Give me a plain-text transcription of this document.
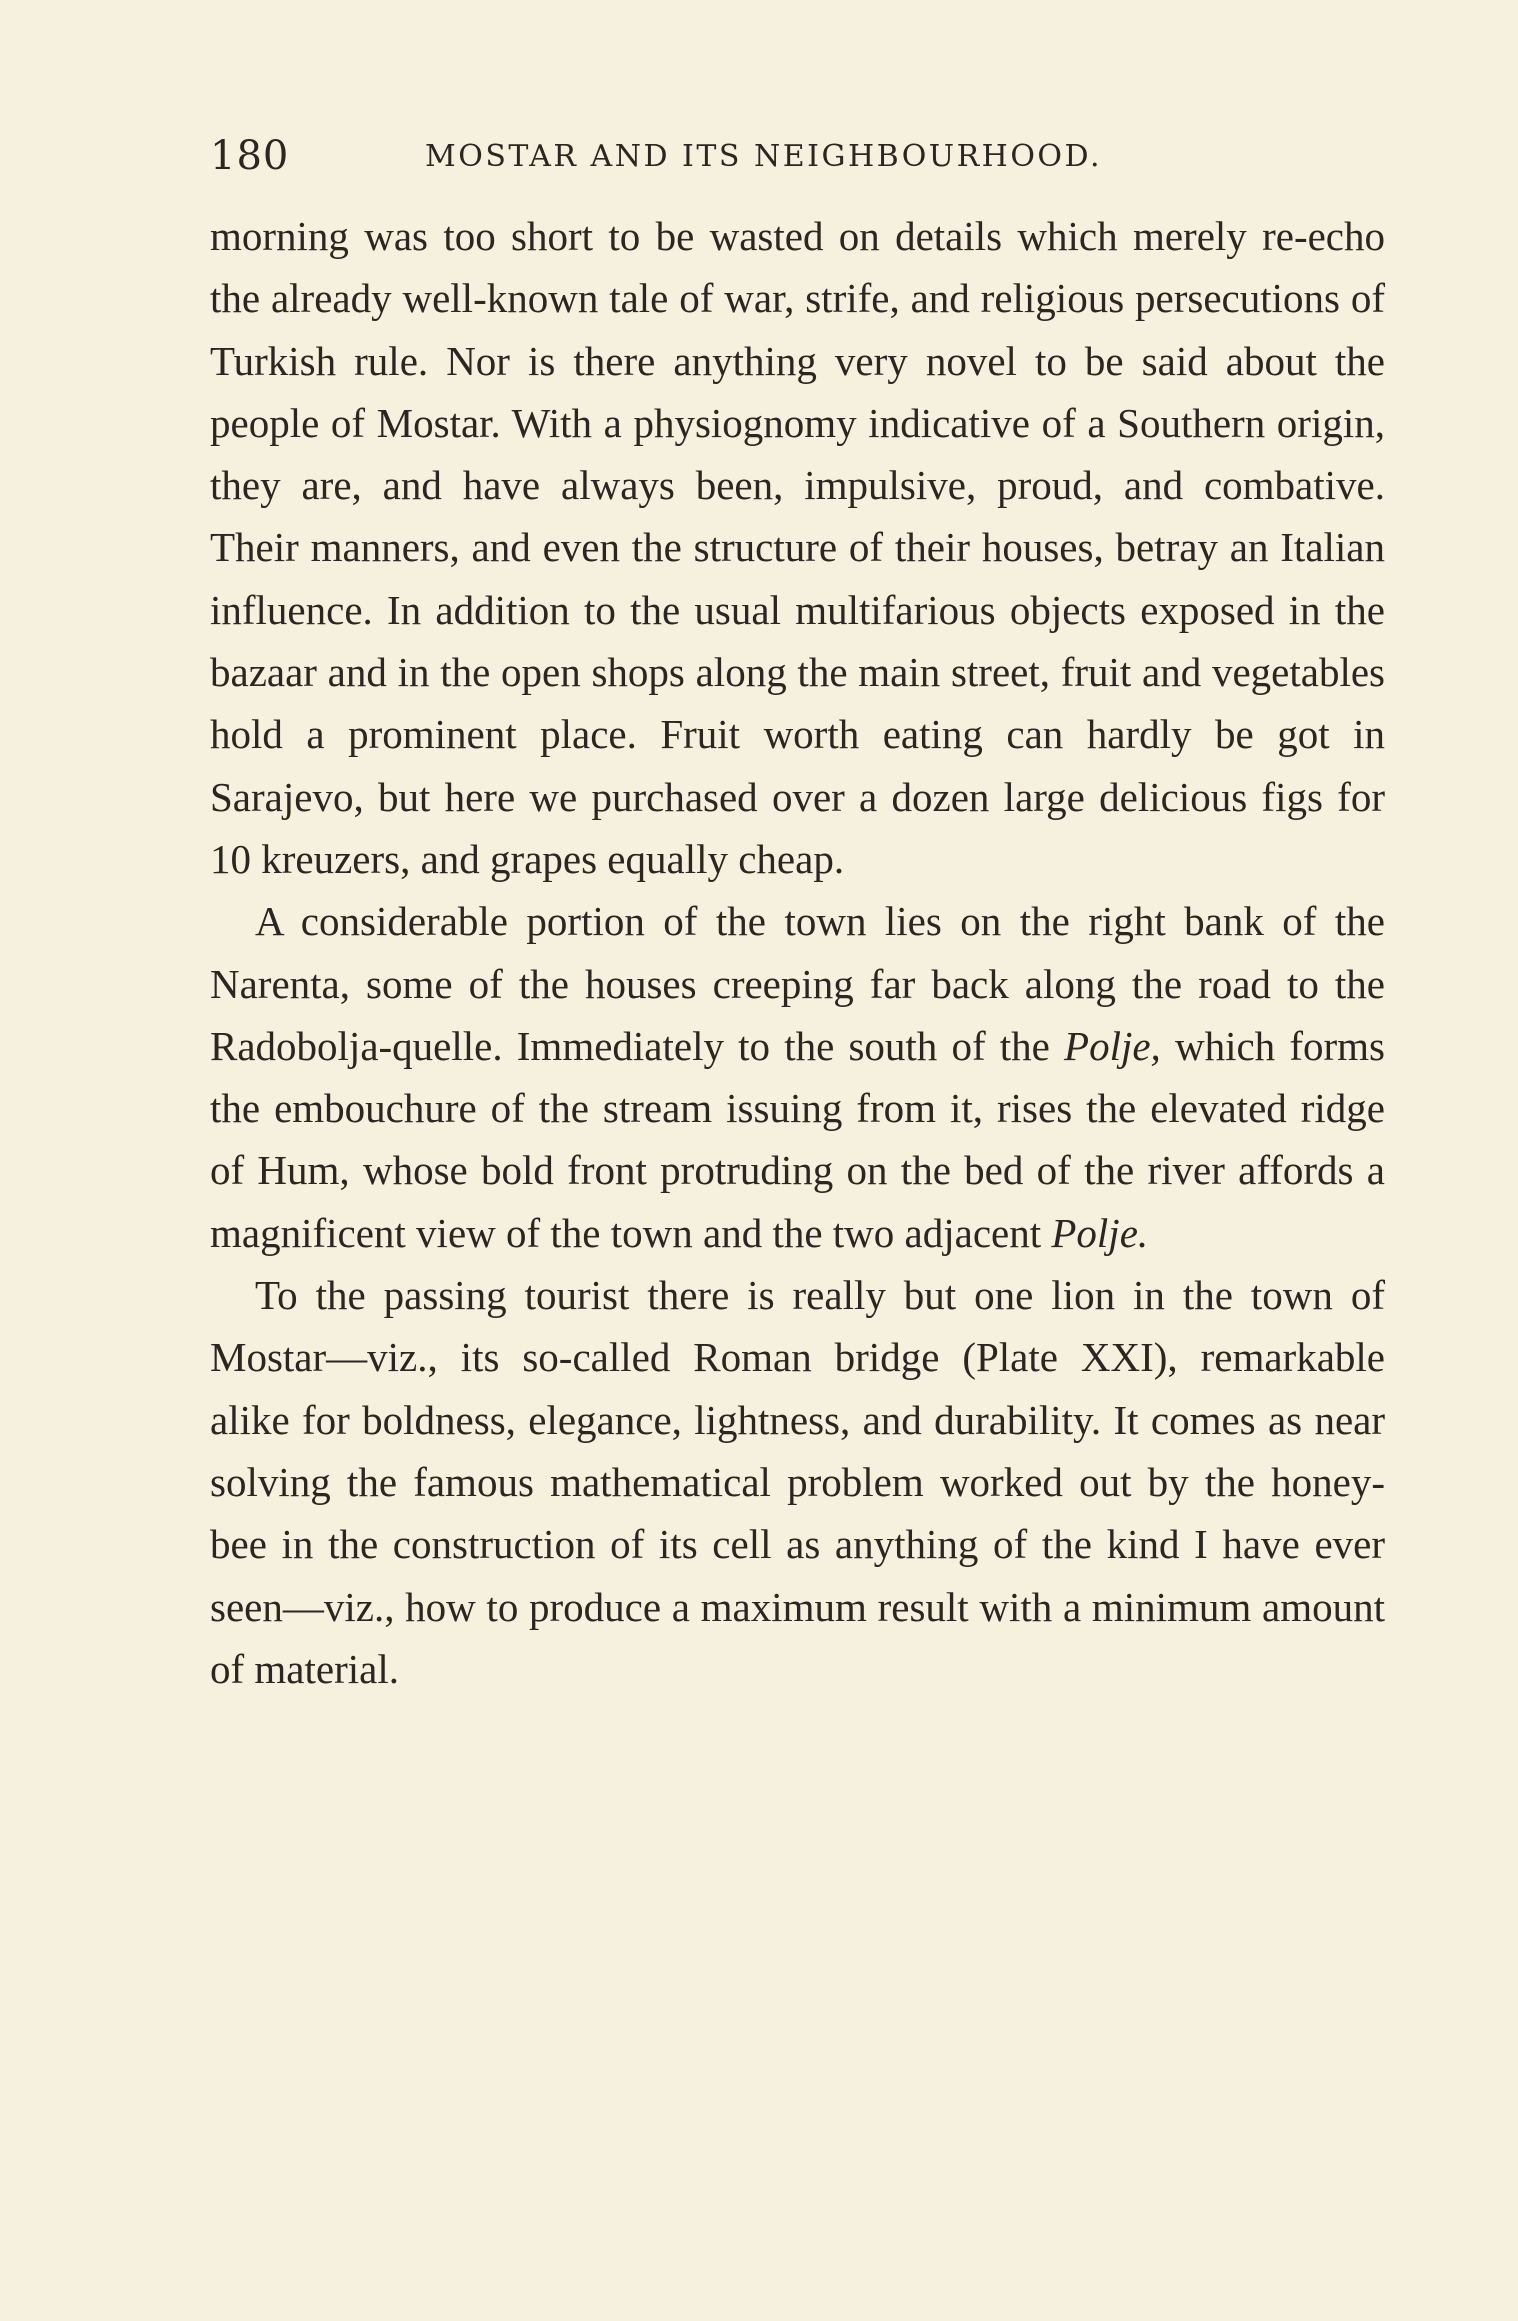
180	MOSTAR AND ITS NEIGHBOURHOOD.

morning was too short to be wasted on details which merely re-echo the already well-known tale of war, strife, and religious persecutions of Turkish rule. Nor is there anything very novel to be said about the people of Mostar. With a physiognomy indicative of a Southern origin, they are, and have always been, impulsive, proud, and combative. Their manners, and even the structure of their houses, betray an Italian influence. In addition to the usual multifarious objects exposed in the bazaar and in the open shops along the main street, fruit and vegetables hold a prominent place. Fruit worth eating can hardly be got in Sarajevo, but here we purchased over a dozen large delicious figs for 10 kreuzers, and grapes equally cheap.

A considerable portion of the town lies on the right bank of the Narenta, some of the houses creeping far back along the road to the Radobolja-quelle. Immediately to the south of the Polje, which forms the embouchure of the stream issuing from it, rises the elevated ridge of Hum, whose bold front protruding on the bed of the river affords a magnificent view of the town and the two adjacent Polje.

To the passing tourist there is really but one lion in the town of Mostar—viz., its so-called Roman bridge (Plate XXI), remarkable alike for boldness, elegance, lightness, and durability. It comes as near solving the famous mathematical problem worked out by the honey-bee in the construction of its cell as anything of the kind I have ever seen—viz., how to produce a maximum result with a minimum amount of material.
